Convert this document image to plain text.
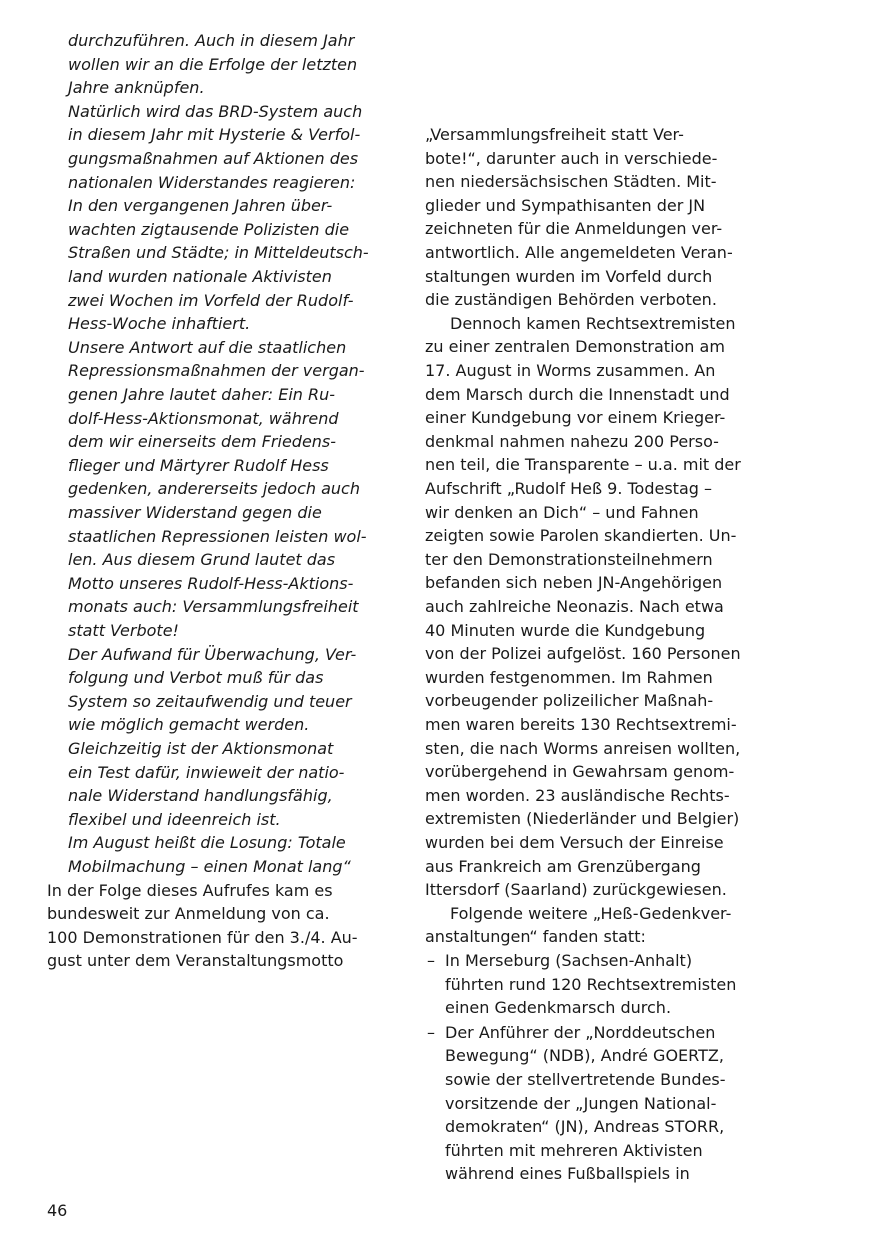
durchzuführen. Auch in diesem Jahr
wollen wir an die Erfolge der letzten
Jahre anknüpfen.
Natürlich wird das BRD-System auch
in diesem Jahr mit Hysterie & Verfol-
gungsmaßnahmen auf Aktionen des
nationalen Widerstandes reagieren:
In den vergangenen Jahren über-
wachten zigtausende Polizisten die
Straßen und Städte; in Mitteldeutsch-
land wurden nationale Aktivisten
zwei Wochen im Vorfeld der Rudolf-
Hess-Woche inhaftiert.
Unsere Antwort auf die staatlichen
Repressionsmaßnahmen der vergan-
genen Jahre lautet daher: Ein Ru-
dolf-Hess-Aktionsmonat, während
dem wir einerseits dem Friedens-
flieger und Märtyrer Rudolf Hess
gedenken, andererseits jedoch auch
massiver Widerstand gegen die
staatlichen Repressionen leisten wol-
len. Aus diesem Grund lautet das
Motto unseres Rudolf-Hess-Aktions-
monats auch: Versammlungsfreiheit
statt Verbote!
Der Aufwand für Überwachung, Ver-
folgung und Verbot muß für das
System so zeitaufwendig und teuer
wie möglich gemacht werden.
Gleichzeitig ist der Aktionsmonat
ein Test dafür, inwieweit der natio-
nale Widerstand handlungsfähig,
flexibel und ideenreich ist.
Im August heißt die Losung: Totale
Mobilmachung – einen Monat lang“
In der Folge dieses Aufrufes kam es
bundesweit zur Anmeldung von ca.
100 Demonstrationen für den 3./4. Au-
gust unter dem Veranstaltungsmotto
„Versammlungsfreiheit statt Ver-
bote!“, darunter auch in verschiede-
nen niedersächsischen Städten. Mit-
glieder und Sympathisanten der JN
zeichneten für die Anmeldungen ver-
antwortlich. Alle angemeldeten Veran-
staltungen wurden im Vorfeld durch
die zuständigen Behörden verboten.
Dennoch kamen Rechtsextremisten
zu einer zentralen Demonstration am
17. August in Worms zusammen. An
dem Marsch durch die Innenstadt und
einer Kundgebung vor einem Krieger-
denkmal nahmen nahezu 200 Perso-
nen teil, die Transparente – u.a. mit der
Aufschrift „Rudolf Heß 9. Todestag –
wir denken an Dich“ – und Fahnen
zeigten sowie Parolen skandierten. Un-
ter den Demonstrationsteilnehmern
befanden sich neben JN-Angehörigen
auch zahlreiche Neonazis. Nach etwa
40 Minuten wurde die Kundgebung
von der Polizei aufgelöst. 160 Personen
wurden festgenommen. Im Rahmen
vorbeugender polizeilicher Maßnah-
men waren bereits 130 Rechtsextremi-
sten, die nach Worms anreisen wollten,
vorübergehend in Gewahrsam genom-
men worden. 23 ausländische Rechts-
extremisten (Niederländer und Belgier)
wurden bei dem Versuch der Einreise
aus Frankreich am Grenzübergang
Ittersdorf (Saarland) zurückgewiesen.
Folgende weitere „Heß-Gedenkver-
anstaltungen“ fanden statt:
– In Merseburg (Sachsen-Anhalt)
führten rund 120 Rechtsextremisten
einen Gedenkmarsch durch.
– Der Anführer der „Norddeutschen
Bewegung“ (NDB), André GOERTZ,
sowie der stellvertretende Bundes-
vorsitzende der „Jungen National-
demokraten“ (JN), Andreas STORR,
führten mit mehreren Aktivisten
während eines Fußballspiels in
46
